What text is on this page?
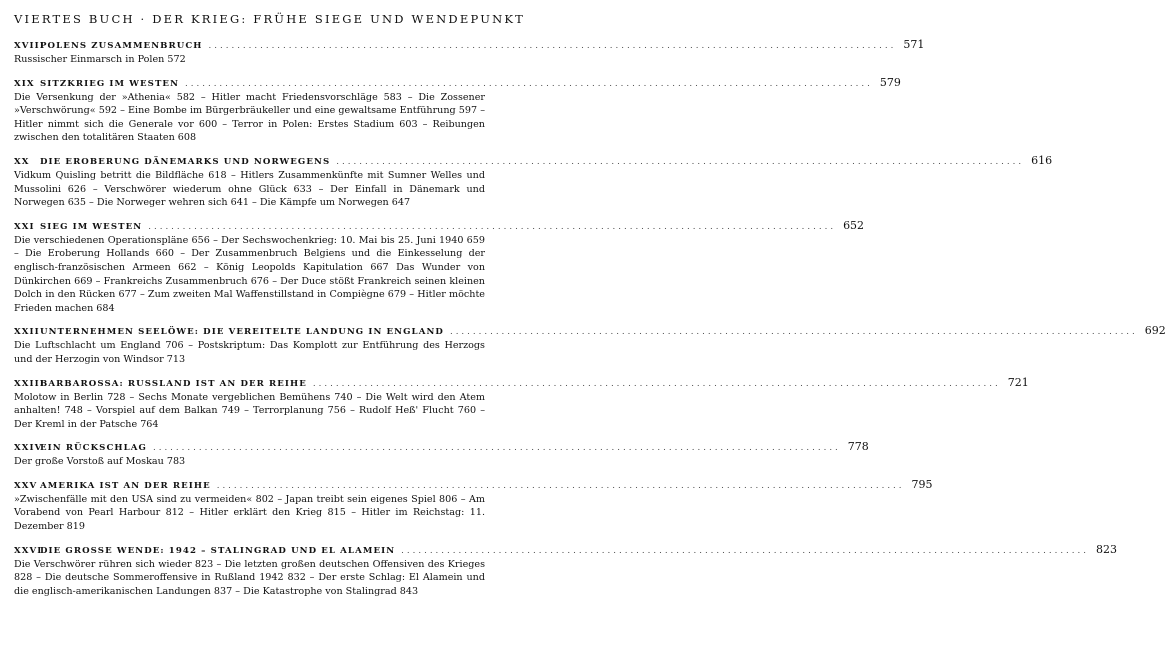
VIERTES BUCH · DER KRIEG: FRÜHE SIEGE UND WENDEPUNKT
XVIII
POLENS ZUSAMMENBRUCH ........................................................................................................................ 571
Russischer Einmarsch in Polen 572
XIX SITZKRIEG IM WESTEN ........................................................................................................................ 579
Die Versenkung der »Athenia« 582 – Hitler macht Friedensvorschläge 583 – Die Zossener »Verschwörung« 592 – Eine Bombe im Bürgerbräukeller und eine gewaltsame Entführung 597 – Hitler nimmt sich die Generale vor 600 – Terror in Polen: Erstes Stadium 603 – Reibungen zwischen den totalitären Staaten 608
XX	DIE EROBERUNG DÄNEMARKS UND NORWEGENS ........................................................................................................................ 616
Vidkum Quisling betritt die Bildfläche 618 – Hitlers Zusammenkünfte mit Sumner Welles und Mussolini 626 – Verschwörer wiederum ohne Glück 633 – Der Einfall in Dänemark und Norwegen 635 – Die Norweger wehren sich 641 – Die Kämpfe um Norwegen 647
XXI SIEG IM WESTEN ........................................................................................................................ 652
Die verschiedenen Operationspläne 656 – Der Sechswochenkrieg: 10. Mai bis 25. Juni 1940 659 – Die Eroberung Hollands 660 – Der Zusammenbruch Belgiens und die Einkesselung der englisch-französischen Armeen 662 – König Leopolds Kapitulation 667 Das Wunder von Dünkirchen 669 – Frankreichs Zusammenbruch 676 – Der Duce stößt Frankreich seinen kleinen Dolch in den Rücken 677 – Zum zweiten Mal Waffenstillstand in Compiègne 679 – Hitler möchte Frieden machen 684
XXII UNTERNEHMEN SEELÖWE: DIE VEREITELTE LANDUNG IN ENGLAND ........................................................................................................................ 692
Die Luftschlacht um England 706 – Postskriptum: Das Komplott zur Entführung des Herzogs und der Herzogin von Windsor 713
XXIII
BARBAROSSA: RUSSLAND IST AN DER REIHE ........................................................................................................................ 721
Molotow in Berlin 728 – Sechs Monate vergeblichen Bemühens 740 – Die Welt wird den Atem anhalten! 748 – Vorspiel auf dem Balkan 749 – Terrorplanung 756 – Rudolf Heß' Flucht 760 – Der Kreml in der Patsche 764
XXIV
EIN RÜCKSCHLAG ........................................................................................................................ 778
Der große Vorstoß auf Moskau 783
XXV AMERIKA IST AN DER REIHE ........................................................................................................................ 795
»Zwischenfälle mit den USA sind zu vermeiden« 802 – Japan treibt sein eigenes Spiel 806 – Am Vorabend von Pearl Harbour 812 – Hitler erklärt den Krieg 815 – Hitler im Reichstag: 11. Dezember 819
XXVI
DIE GROSSE WENDE: 1942 – STALINGRAD UND EL ALAMEIN ........................................................................................................................ 823
Die Verschwörer rühren sich wieder 823 – Die letzten großen deutschen Offensiven des Krieges 828 – Die deutsche Sommeroffensive in Rußland 1942 832 – Der erste Schlag: El Alamein und die englisch-amerikanischen Landungen 837 – Die Katastrophe von Stalingrad 843
